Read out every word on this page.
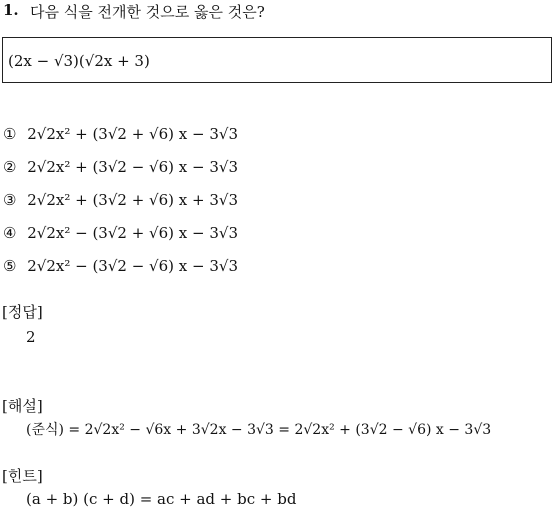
1. 다음 식을 전개한 것으로 옳은 것은?
(2x − √3)(√2x + 3)
① 2√2x² + (3√2 + √6) x − 3√3
② 2√2x² + (3√2 − √6) x − 3√3
③ 2√2x² + (3√2 + √6) x + 3√3
④ 2√2x² − (3√2 + √6) x − 3√3
⑤ 2√2x² − (3√2 − √6) x − 3√3
[정답]
2
[해설]
(준식) = 2√2x² − √6x + 3√2x − 3√3 = 2√2x² + (3√2 − √6) x − 3√3
[힌트]
(a + b) (c + d) = ac + ad + bc + bd
